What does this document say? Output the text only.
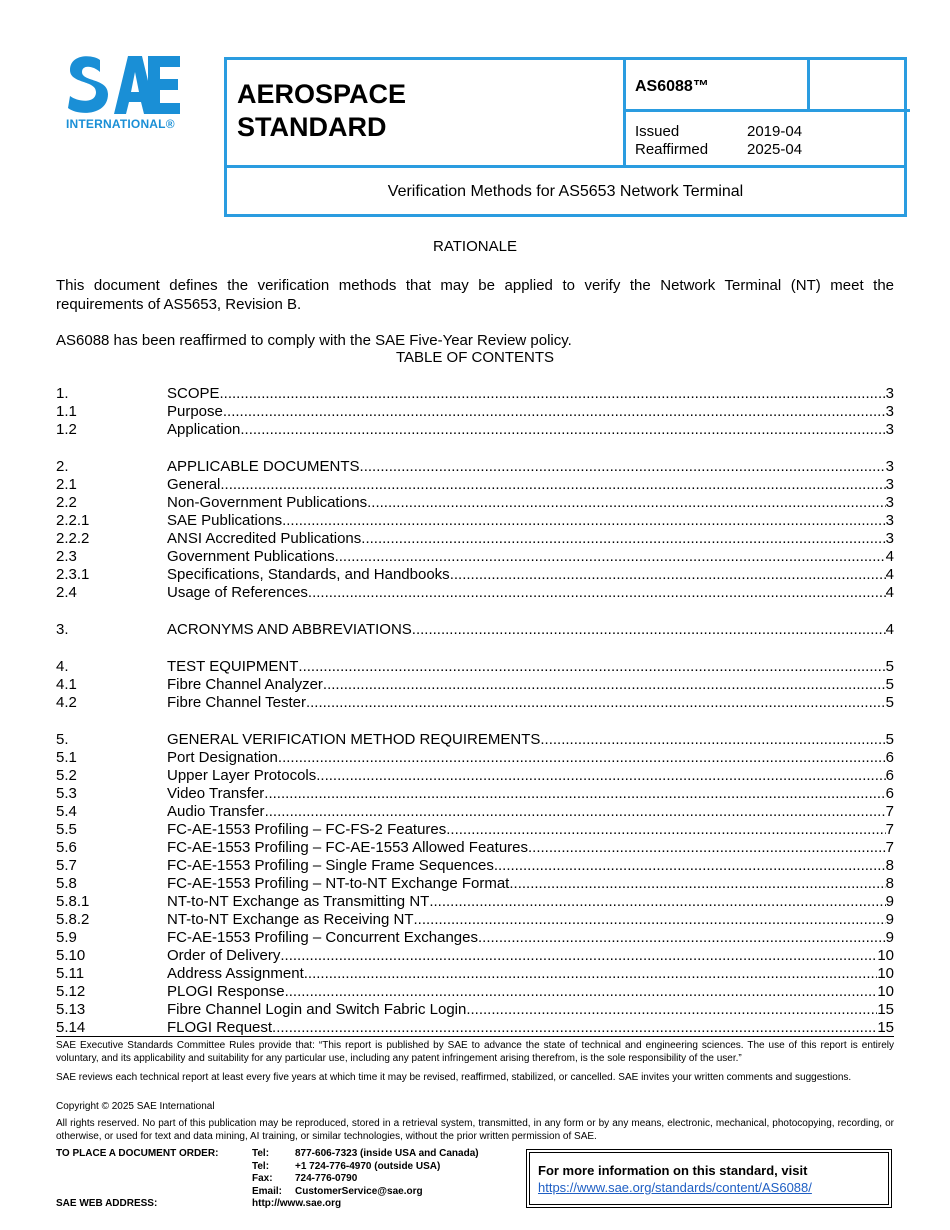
INTERNATIONAL®
AEROSPACE
STANDARD
AS6088™
Issued	2019-04
Reaffirmed	2025-04
Verification Methods for AS5653 Network Terminal
RATIONALE
This document defines the verification methods that may be applied to verify the Network Terminal (NT) meet the requirements of AS5653, Revision B.
AS6088 has been reaffirmed to comply with the SAE Five-Year Review policy.
TABLE OF CONTENTS
1.	SCOPE .....	3
1.1	Purpose .....	3
1.2	Application .....	3
2.	APPLICABLE DOCUMENTS .....	3
2.1	General .....	3
2.2	Non-Government Publications .....	3
2.2.1	SAE Publications .....	3
2.2.2	ANSI Accredited Publications .....	3
2.3	Government Publications .....	4
2.3.1	Specifications, Standards, and Handbooks .....	4
2.4	Usage of References .....	4
3.	ACRONYMS AND ABBREVIATIONS .....	4
4.	TEST EQUIPMENT .....	5
4.1	Fibre Channel Analyzer .....	5
4.2	Fibre Channel Tester .....	5
5.	GENERAL VERIFICATION METHOD REQUIREMENTS .....	5
5.1	Port Designation .....	6
5.2	Upper Layer Protocols .....	6
5.3	Video Transfer .....	6
5.4	Audio Transfer .....	7
5.5	FC-AE-1553 Profiling – FC-FS-2 Features .....	7
5.6	FC-AE-1553 Profiling – FC-AE-1553 Allowed Features .....	7
5.7	FC-AE-1553 Profiling – Single Frame Sequences .....	8
5.8	FC-AE-1553 Profiling – NT-to-NT Exchange Format .....	8
5.8.1	NT-to-NT Exchange as Transmitting NT .....	9
5.8.2	NT-to-NT Exchange as Receiving NT .....	9
5.9	FC-AE-1553 Profiling – Concurrent Exchanges .....	9
5.10	Order of Delivery .....	10
5.11	Address Assignment .....	10
5.12	PLOGI Response .....	10
5.13	Fibre Channel Login and Switch Fabric Login .....	15
5.14	FLOGI Request .....	15
SAE Executive Standards Committee Rules provide that: “This report is published by SAE to advance the state of technical and engineering sciences. The use of this report is entirely voluntary, and its applicability and suitability for any particular use, including any patent infringement arising therefrom, is the sole responsibility of the user.”
SAE reviews each technical report at least every five years at which time it may be revised, reaffirmed, stabilized, or cancelled. SAE invites your written comments and suggestions.
Copyright © 2025 SAE International
All rights reserved. No part of this publication may be reproduced, stored in a retrieval system, transmitted, in any form or by any means, electronic, mechanical, photocopying, recording, or otherwise, or used for text and data mining, AI training, or similar technologies, without the prior written permission of SAE.
TO PLACE A DOCUMENT ORDER:
SAE WEB ADDRESS:
Tel:	877-606-7323 (inside USA and Canada)
Tel:	+1 724-776-4970 (outside USA)
Fax: 724-776-0790
Email: CustomerService@sae.org
http://www.sae.org
For more information on this standard, visit
https://www.sae.org/standards/content/AS6088/
